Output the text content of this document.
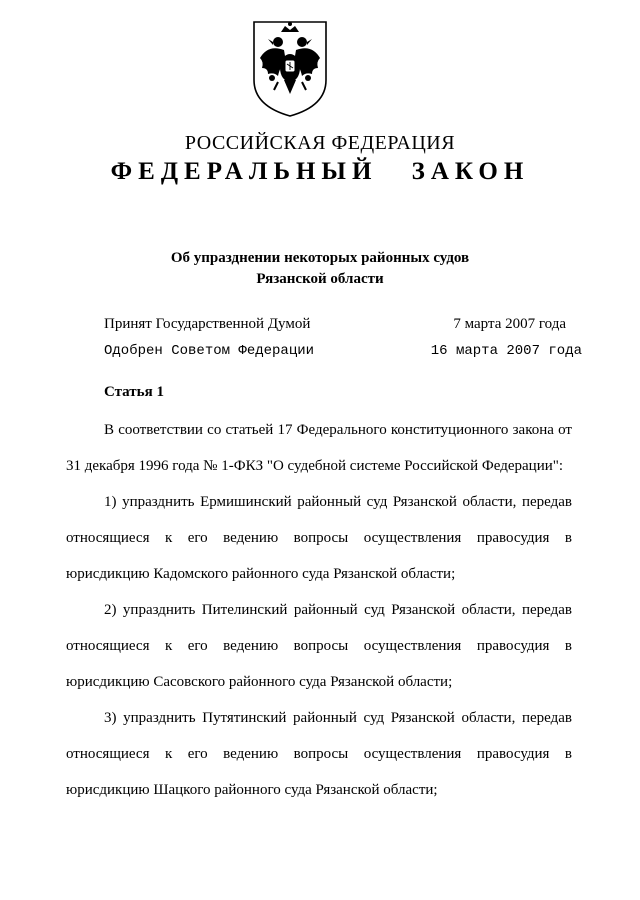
РОССИЙСКАЯ ФЕДЕРАЦИЯ
ФЕДЕРАЛЬНЫЙ ЗАКОН
Об упразднении некоторых районных судов
Рязанской области
Принят Государственной Думой	7 марта 2007 года
Одобрен Советом Федерации	16 марта 2007 года
Статья 1

В соответствии со статьей 17 Федерального конституционного закона от 31 декабря 1996 года № 1-ФКЗ "О судебной системе Российской Федерации":

1) упразднить Ермишинский районный суд Рязанской области, передав относящиеся к его ведению вопросы осуществления правосудия в юрисдикцию Кадомского районного суда Рязанской области;

2) упразднить Пителинский районный суд Рязанской области, передав относящиеся к его ведению вопросы осуществления правосудия в юрисдикцию Сасовского районного суда Рязанской области;

3) упразднить Путятинский районный суд Рязанской области, передав относящиеся к его ведению вопросы осуществления правосудия в юрисдикцию Шацкого районного суда Рязанской области;
